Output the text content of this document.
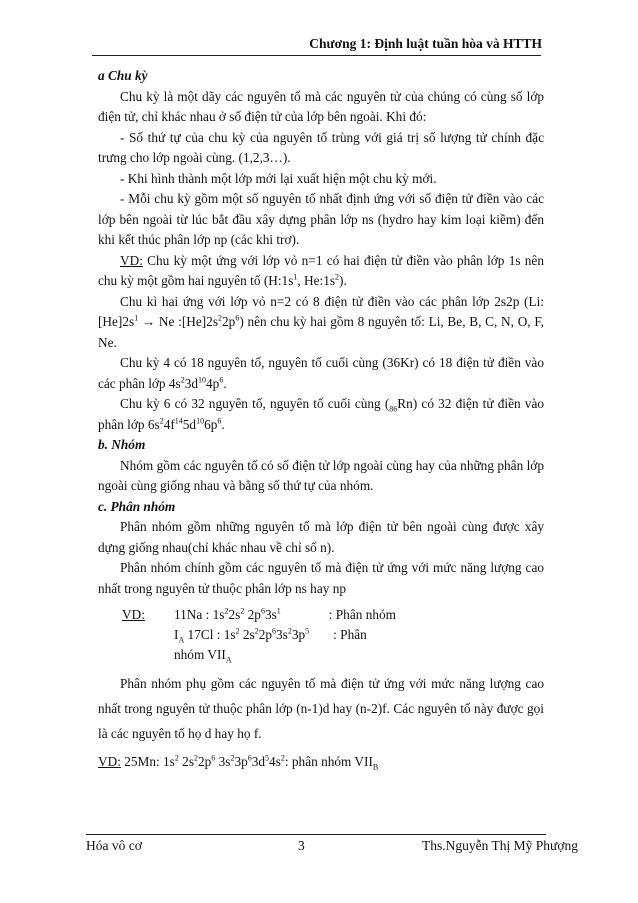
Chương 1: Định luật tuần hòa và HTTH

a Chu kỳ

Chu kỳ là một dãy các nguyên tố mà các nguyên tử của chúng có cùng số lớp điện tử, chỉ khác nhau ở số điện tử của lớp bên ngoài. Khi đó:

- Số thứ tự của chu kỳ của nguyên tố trùng với giá trị số lượng tử chính đặc trưng cho lớp ngoài cùng. (1,2,3…).

- Khi hình thành một lớp mới lại xuất hiện một chu kỳ mới.

- Mỗi chu kỳ gồm một số nguyên tố nhất định ứng với số điện tử điền vào các lớp bên ngoài từ lúc bắt đầu xây dựng phân lớp ns (hydro hay kim loại kiềm) đến khi kết thúc phân lớp np (các khi trơ).

VD: Chu kỳ một ứng với lớp vỏ n=1 có hai điện tử điền vào phân lớp 1s nên chu kỳ một gồm hai nguyên tố ($H:1s^1$, $He:1s^2$).

Chu kì hai ứng với lớp vỏ n=2 có 8 điện tử điền vào các phân lớp 2s2p ($Li:[He]2s^1 \to Ne$ $:[He]2s^22p^6$) nên chu kỳ hai gồm 8 nguyên tố: Li, Be, B, C, N, O, F, Ne.

Chu kỳ 4 có 18 nguyên tố, nguyên tố cuối cùng (36Kr) có 18 điện tử điền vào các phân lớp $4s^23d^{10}4p^6$.

Chu kỳ 6 có 32 nguyên tố, nguyên tố cuối cùng $(_{86}Rn)$ có 32 điện tử điền vào phân lớp $6s^24f^{14}5d^{10}6p^6$.

b. Nhóm

Nhóm gồm các nguyên tố có số điện tử lớp ngoài cùng hay của những phân lớp ngoài cùng giống nhau và bằng số thứ tự của nhóm.

c. Phân nhóm

Phân nhóm gồm những nguyên tố mà lớp điện tử bên ngoài cùng được xây dựng giống nhau(chỉ khác nhau về chỉ số n).

Phân nhóm chính gồm các nguyên tố mà điện tử ứng với mức năng lượng cao nhất trong nguyên tử thuộc phân lớp ns hay np

VD:	11Na : $1s^22s^2$ $2p^63s^1$	: Phân nhóm
$I_A$ 17Cl : $1s^2$ $2s^22p^63s^23p^5$ : Phân
nhóm $VII_A$

Phân nhóm phụ gồm các nguyên tố mà điện tử ứng với mức năng lượng cao nhất trong nguyên tử thuộc phân lớp (n-1)d hay (n-2)f. Các nguyên tố này được gọi là các nguyên tố họ d hay họ f.

VD: 25Mn: $1s^2$ $2s^22p^6$ $3s^23p^63d^54s^2$: phân nhóm $VII_B$

Hóa vô cơ	3	Ths.Nguyễn Thị Mỹ Phượng
